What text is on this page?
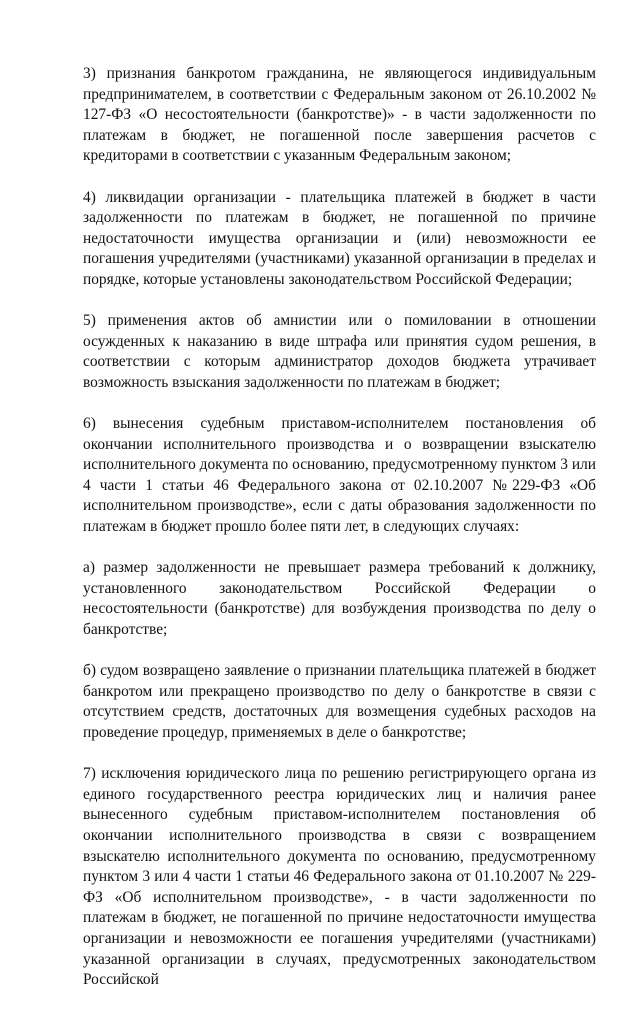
3) признания банкротом гражданина, не являющегося индивидуальным предпринимателем, в соответствии с Федеральным законом от 26.10.2002 № 127-ФЗ «О несостоятельности (банкротстве)» - в части задолженности по платежам в бюджет, не погашенной после завершения расчетов с кредиторами в соответствии с указанным Федеральным законом;

4) ликвидации организации - плательщика платежей в бюджет в части задолженности по платежам в бюджет, не погашенной по причине недостаточности имущества организации и (или) невозможности ее погашения учредителями (участниками) указанной организации в пределах и порядке, которые установлены законодательством Российской Федерации;

5) применения актов об амнистии или о помиловании в отношении осужденных к наказанию в виде штрафа или принятия судом решения, в соответствии с которым администратор доходов бюджета утрачивает возможность взыскания задолженности по платежам в бюджет;

6) вынесения судебным приставом-исполнителем постановления об окончании исполнительного производства и о возвращении взыскателю исполнительного документа по основанию, предусмотренному пунктом 3 или 4 части 1 статьи 46 Федерального закона от 02.10.2007 №229-ФЗ «Об исполнительном производстве», если с даты образования задолженности по платежам в бюджет прошло более пяти лет, в следующих случаях:

а) размер задолженности не превышает размера требований к должнику, установленного законодательством Российской Федерации о несостоятельности (банкротстве) для возбуждения производства по делу о банкротстве;

б) судом возвращено заявление о признании плательщика платежей в бюджет банкротом или прекращено производство по делу о банкротстве в связи с отсутствием средств, достаточных для возмещения судебных расходов на проведение процедур, применяемых в деле о банкротстве;

7) исключения юридического лица по решению регистрирующего органа из единого государственного реестра юридических лиц и наличия ранее вынесенного судебным приставом-исполнителем постановления об окончании исполнительного производства в связи с возвращением взыскателю исполнительного документа по основанию, предусмотренному пунктом 3 или 4 части 1 статьи 46 Федерального закона от 01.10.2007 № 229-ФЗ «Об исполнительном производстве», - в части задолженности по платежам в бюджет, не погашенной по причине недостаточности имущества организации и невозможности ее погашения учредителями (участниками) указанной организации в случаях, предусмотренных законодательством Российской
